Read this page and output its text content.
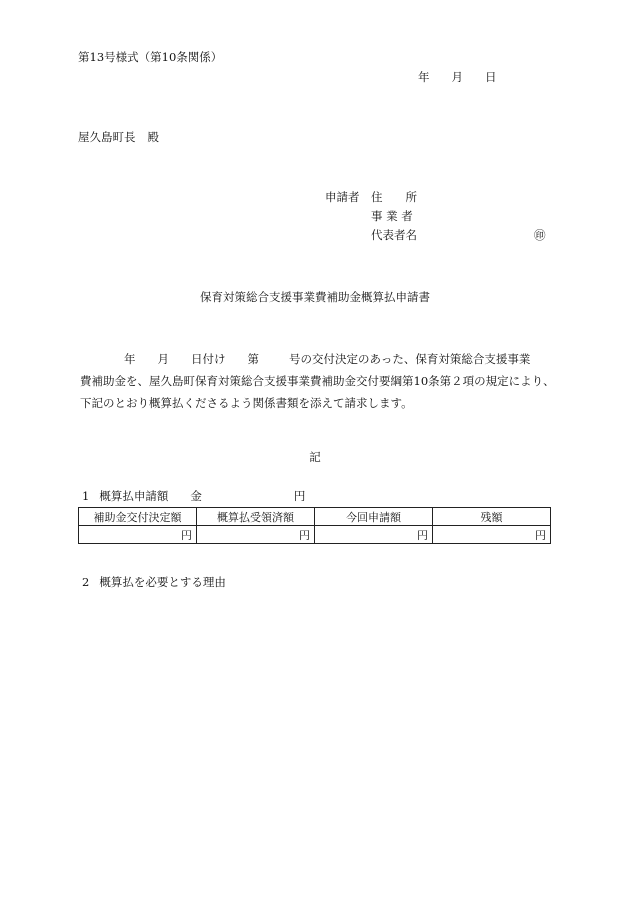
第13号様式（第10条関係）
年 月 日
屋久島町長 殿
申請者	住　　所
事 業 者
代表者名	㊞
保育対策総合支援事業費補助金概算払申請書
年 月 日付け 第	号の交付決定のあった、保育対策総合支援事業
費補助金を、屋久島町保育対策総合支援事業費補助金交付要綱第10条第２項の規定により、
下記のとおり概算払くださるよう関係書類を添えて請求します。
記
1 概算払申請額 金	円
補助金交付決定額	概算払受領済額	今回申請額	残額
円	円	円	円
2 概算払を必要とする理由
